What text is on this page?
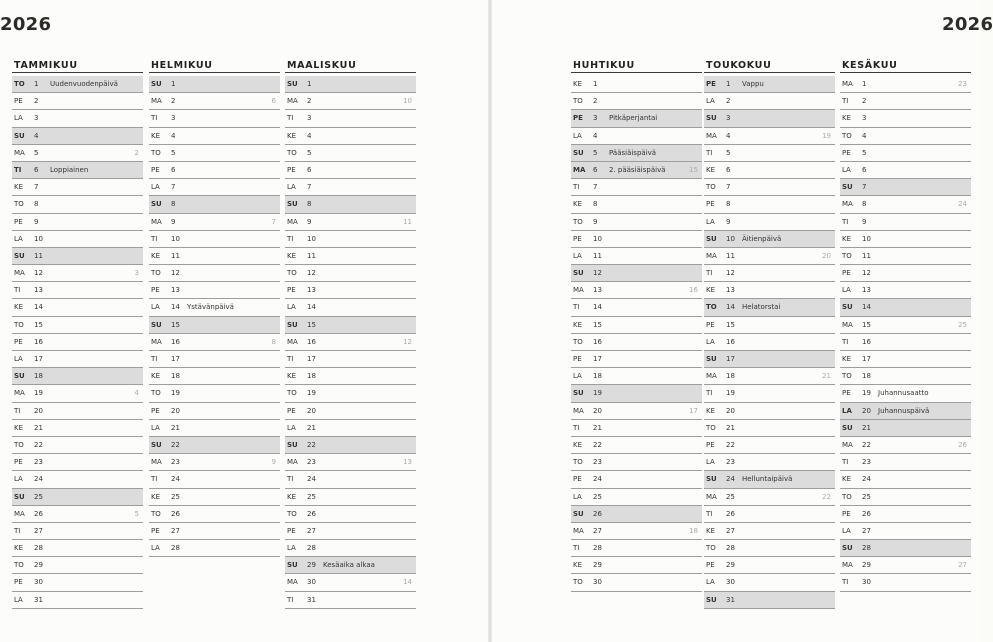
2026
TAMMIKUU
TO 1 Uudenvuodenpäivä
PE 2
LA 3
SU 4
MA 5	2
TI 6 Loppiainen
KE 7
TO 8
PE 9
LA 10
SU 11
MA 12	3
TI 13
KE 14
TO 15
PE 16
LA 17
SU 18
MA 19	4
TI 20
KE 21
TO 22
PE 23
LA 24
SU 25
MA 26	5
TI 27
KE 28
TO 29
PE 30
LA 31
HELMIKUU
SU 1
MA 2	6
TI 3
KE 4
TO 5
PE 6
LA 7
SU 8
MA 9	7
TI 10
KE 11
TO 12
PE 13
LA 14 Ystävänpäivä
SU 15
MA 16	8
TI 17
KE 18
TO 19
PE 20
LA 21
SU 22
MA 23	9
TI 24
KE 25
TO 26
PE 27
LA 28
MAALISKUU
SU 1
MA 2	10
TI 3
KE 4
TO 5
PE 6
LA 7
SU 8
MA 9	11
TI 10
KE 11
TO 12
PE 13
LA 14
SU 15
MA 16	12
TI 17
KE 18
TO 19
PE 20
LA 21
SU 22
MA 23	13
TI 24
KE 25
TO 26
PE 27
LA 28
SU 29 Kesäaika alkaa
MA 30	14
TI 31
2026
HUHTIKUU
KE 1
TO 2
PE 3 Pitkäperjantai
LA 4
SU 5 Pääsiäispäivä
MA 6 2. pääsiäispäivä	15
TI 7
KE 8
TO 9
PE 10
LA 11
SU 12
MA 13	16
TI 14
KE 15
TO 16
PE 17
LA 18
SU 19
MA 20	17
TI 21
KE 22
TO 23
PE 24
LA 25
SU 26
MA 27	18
TI 28
KE 29
TO 30
TOUKOKUU
PE 1 Vappu
LA 2
SU 3
MA 4	19
TI 5
KE 6
TO 7
PE 8
LA 9
SU 10 Äitienpäivä
MA 11	20
TI 12
KE 13
TO 14 Helatorstai
PE 15
LA 16
SU 17
MA 18	21
TI 19
KE 20
TO 21
PE 22
LA 23
SU 24 Helluntaipäivä
MA 25	22
TI 26
KE 27
TO 28
PE 29
LA 30
SU 31
KESÄKUU
MA 1	23
TI 2
KE 3
TO 4
PE 5
LA 6
SU 7
MA 8	24
TI 9
KE 10
TO 11
PE 12
LA 13
SU 14
MA 15	25
TI 16
KE 17
TO 18
PE 19 Juhannusaatto
LA 20 Juhannuspäivä
SU 21
MA 22	26
TI 23
KE 24
TO 25
PE 26
LA 27
SU 28
MA 29	27
TI 30
